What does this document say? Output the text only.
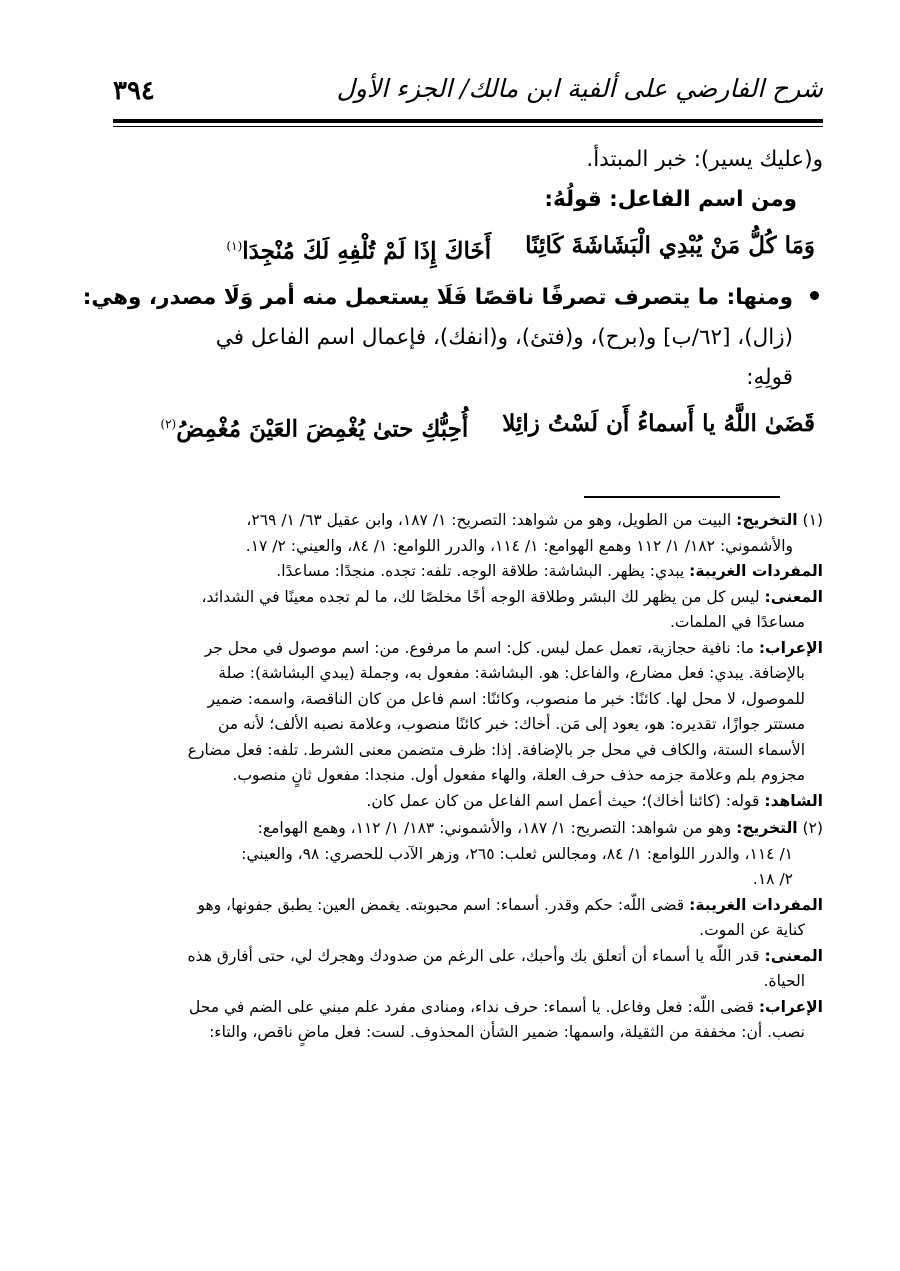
٣٩٤	شرح الفارضي على ألفية ابن مالك/ الجزء الأول
و(عليك يسير): خبر المبتدأ.
ومن اسم الفاعل: قولُهُ:
وَمَا كُلُّ مَنْ يُبْدِي الْبَشَاشَةَ كَائِنًا
أَخَاكَ إِذَا لَمْ تُلْفِهِ لَكَ مُنْجِدَا$^{(١)}$
ومنها: ما يتصرف تصرفًا ناقصًا فَلَا يستعمل منه أمر وَلَا مصدر، وهي:
(زال)، [٦٢/ب] و(برح)، و(فتئ)، و(انفك)، فإعمال اسم الفاعل في
قولِهِ:
قَضَىٰ اللَّهُ يا أَسماءُ أَن لَسْتُ زائِلا
أُحِبُّكِ حتىٰ يُغْمِضَ العَيْنَ مُغْمِضُ$^{(٢)}$
(١) التخريج: البيت من الطويل، وهو من شواهد: التصريح: ١/ ١٨٧، وابن عقيل ٦٣/ ١/ ٢٦٩،
والأشموني: ١٨٢/ ١/ ١١٢ وهمع الهوامع: ١/ ١١٤، والدرر اللوامع: ١/ ٨٤، والعيني: ٢/ ١٧.
المفردات الغريبة: يبدي: يظهر. البشاشة: طلاقة الوجه. تلفه: تجده. منجدًا: مساعدًا.
المعنى: ليس كل من يظهر لك البشر وطلاقة الوجه أخًا مخلصًا لك، ما لم تجده معينًا في الشدائد،
مساعدًا في الملمات.
الإعراب: ما: نافية حجازية، تعمل عمل ليس. كل: اسم ما مرفوع. من: اسم موصول في محل جر
بالإضافة. يبدي: فعل مضارع، والفاعل: هو. البشاشة: مفعول به، وجملة (يبدي البشاشة): صلة
للموصول، لا محل لها. كائنًا: خبر ما منصوب، وكائنًا: اسم فاعل من كان الناقصة، واسمه: ضمير
مستتر جوازًا، تقديره: هو، يعود إلى مَن. أخاك: خبر كائنًا منصوب، وعلامة نصبه الألف؛ لأنه من
الأسماء الستة، والكاف في محل جر بالإضافة. إذا: ظرف متضمن معنى الشرط. تلفه: فعل مضارع
مجزوم بلم وعلامة جزمه حذف حرف العلة، والهاء مفعول أول. منجدا: مفعول ثانٍ منصوب.
الشاهد: قوله: (كائنا أخاك)؛ حيث أعمل اسم الفاعل من كان عمل كان.
(٢) التخريج: وهو من شواهد: التصريح: ١/ ١٨٧، والأشموني: ١٨٣/ ١/ ١١٢، وهمع الهوامع:
١/ ١١٤، والدرر اللوامع: ١/ ٨٤، ومجالس ثعلب: ٢٦٥، وزهر الآدب للحصري: ٩٨، والعيني:
٢/ ١٨.
المفردات الغريبة: قضى اللَّه: حكم وقدر. أسماء: اسم محبوبته. يغمض العين: يطبق جفونها، وهو
كناية عن الموت.
المعنى: قدر اللَّه يا أسماء أن أتعلق بك وأحبك، على الرغم من صدودك وهجرك لي، حتى أفارق هذه
الحياة.
الإعراب: قضى اللَّه: فعل وفاعل. يا أسماء: حرف نداء، ومنادى مفرد علم مبني على الضم في محل
نصب. أن: مخففة من الثقيلة، واسمها: ضمير الشأن المحذوف. لست: فعل ماضٍ ناقص، والتاء:
